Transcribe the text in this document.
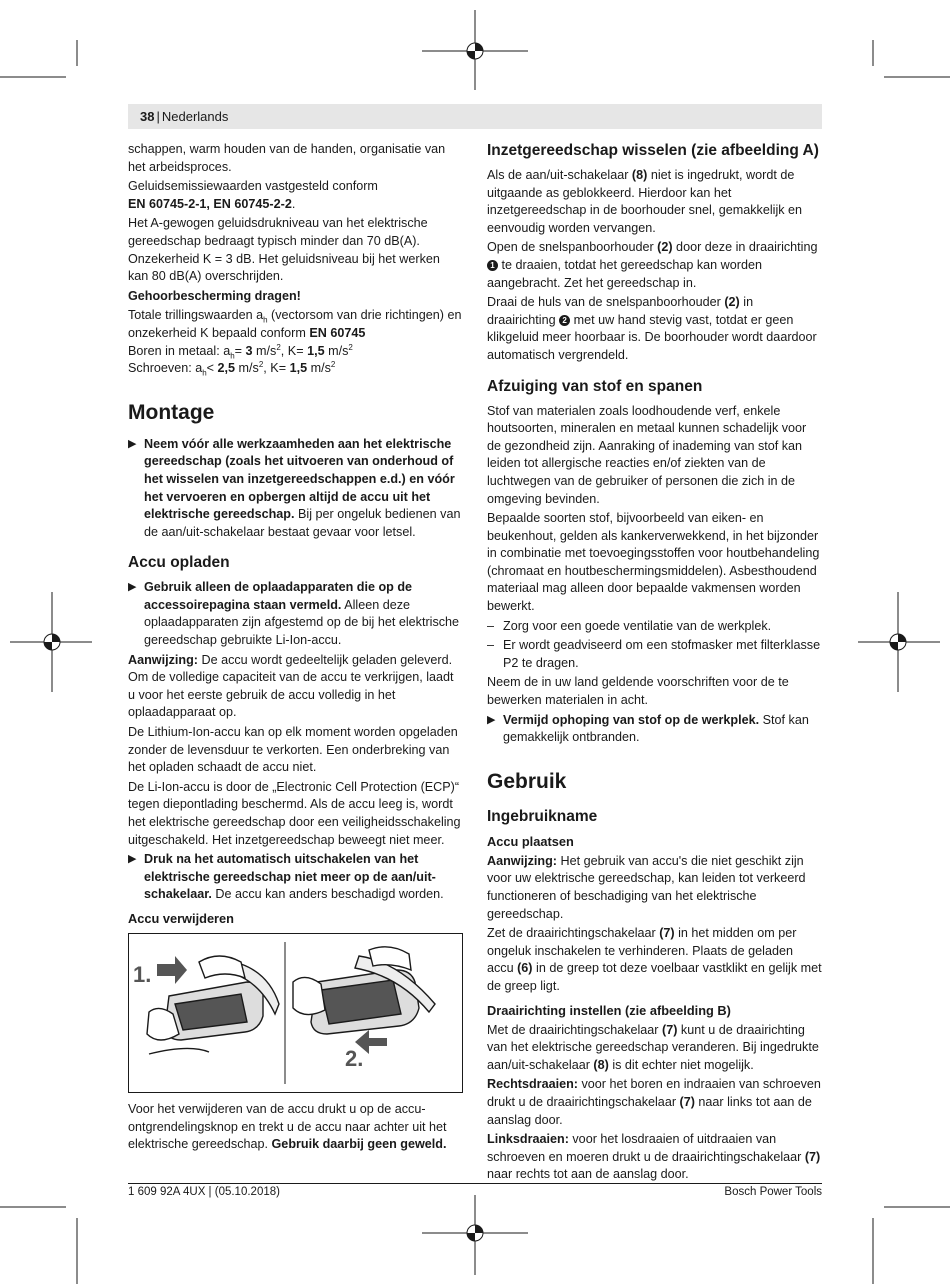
38 | Nederlands

schappen, warm houden van de handen, organisatie van het arbeidsproces.

Geluidsemissiewaarden vastgesteld conform
EN 60745-2-1, EN 60745-2-2.

Het A-gewogen geluidsdrukniveau van het elektrische gereedschap bedraagt typisch minder dan 70 dB(A). Onzekerheid K = 3 dB. Het geluidsniveau bij het werken kan 80 dB(A) overschrijden.

Gehoorbescherming dragen!

Totale trillingswaarden $a_h$ (vectorsom van drie richtingen) en onzekerheid K bepaald conform EN 60745
Boren in metaal: $a_h= 3$ $m/s^2$, K= 1,5 $m/s^2$
Schroeven: $a_h< 2,5$ $m/s^2$, K= 1,5 $m/s^2$

Montage
▶ Neem vóór alle werkzaamheden aan het elektrische gereedschap (zoals het uitvoeren van onderhoud of het wisselen van inzetgereedschappen e.d.) en vóór het vervoeren en opbergen altijd de accu uit het elektrische gereedschap. Bij per ongeluk bedienen van de aan/uit-schakelaar bestaat gevaar voor letsel.
Accu opladen
▶ Gebruik alleen de oplaadapparaten die op de accessoirepagina staan vermeld. Alleen deze oplaadapparaten zijn afgestemd op de bij het elektrische gereedschap gebruikte Li-Ion-accu.

Aanwijzing: De accu wordt gedeeltelijk geladen geleverd. Om de volledige capaciteit van de accu te verkrijgen, laadt u voor het eerste gebruik de accu volledig in het oplaadapparaat op.

De Lithium-Ion-accu kan op elk moment worden opgeladen zonder de levensduur te verkorten. Een onderbreking van het opladen schaadt de accu niet.

De Li-Ion-accu is door de „Electronic Cell Protection (ECP)“ tegen diepontlading beschermd. Als de accu leeg is, wordt het elektrische gereedschap door een veiligheidsschakeling uitgeschakeld. Het inzetgereedschap beweegt niet meer.

▶ Druk na het automatisch uitschakelen van het elektrische gereedschap niet meer op de aan/uit-schakelaar. De accu kan anders beschadigd worden.
Accu verwijderen
1.
2.

Voor het verwijderen van de accu drukt u op de accu-ontgrendelingsknop en trekt u de accu naar achter uit het elektrische gereedschap. Gebruik daarbij geen geweld.

Inzetgereedschap wisselen (zie afbeelding A)

Als de aan/uit-schakelaar (8) niet is ingedrukt, wordt de uitgaande as geblokkeerd. Hierdoor kan het inzetgereedschap in de boorhouder snel, gemakkelijk en eenvoudig worden vervangen.

Open de snelspanboorhouder (2) door deze in draairichting 1 te draaien, totdat het gereedschap kan worden aangebracht. Zet het gereedschap in.

Draai de huls van de snelspanboorhouder (2) in draairichting 2 met uw hand stevig vast, totdat er geen klikgeluid meer hoorbaar is. De boorhouder wordt daardoor automatisch vergrendeld.

Afzuiging van stof en spanen

Stof van materialen zoals loodhoudende verf, enkele houtsoorten, mineralen en metaal kunnen schadelijk voor de gezondheid zijn. Aanraking of inademing van stof kan leiden tot allergische reacties en/of ziekten van de luchtwegen van de gebruiker of personen die zich in de omgeving bevinden.

Bepaalde soorten stof, bijvoorbeeld van eiken- en beukenhout, gelden als kankerverwekkend, in het bijzonder in combinatie met toevoegingsstoffen voor houtbehandeling (chromaat en houtbeschermingsmiddelen). Asbesthoudend materiaal mag alleen door bepaalde vakmensen worden bewerkt.

– Zorg voor een goede ventilatie van de werkplek.
– Er wordt geadviseerd om een stofmasker met filterklasse P2 te dragen.

Neem de in uw land geldende voorschriften voor de te bewerken materialen in acht.

▶ Vermijd ophoping van stof op de werkplek. Stof kan gemakkelijk ontbranden.
Gebruik
Ingebruikname
Accu plaatsen

Aanwijzing: Het gebruik van accu's die niet geschikt zijn voor uw elektrische gereedschap, kan leiden tot verkeerd functioneren of beschadiging van het elektrische gereedschap.

Zet de draairichtingschakelaar (7) in het midden om per ongeluk inschakelen te verhinderen. Plaats de geladen accu (6) in de greep tot deze voelbaar vastklikt en gelijk met de greep ligt.

Draairichting instellen (zie afbeelding B)

Met de draairichtingschakelaar (7) kunt u de draairichting van het elektrische gereedschap veranderen. Bij ingedrukte aan/uit-schakelaar (8) is dit echter niet mogelijk.

Rechtsdraaien: voor het boren en indraaien van schroeven drukt u de draairichtingschakelaar (7) naar links tot aan de aanslag door.

Linksdraaien: voor het losdraaien of uitdraaien van schroeven en moeren drukt u de draairichtingschakelaar (7) naar rechts tot aan de aanslag door.

1 609 92A 4UX | (05.10.2018)	Bosch Power Tools
